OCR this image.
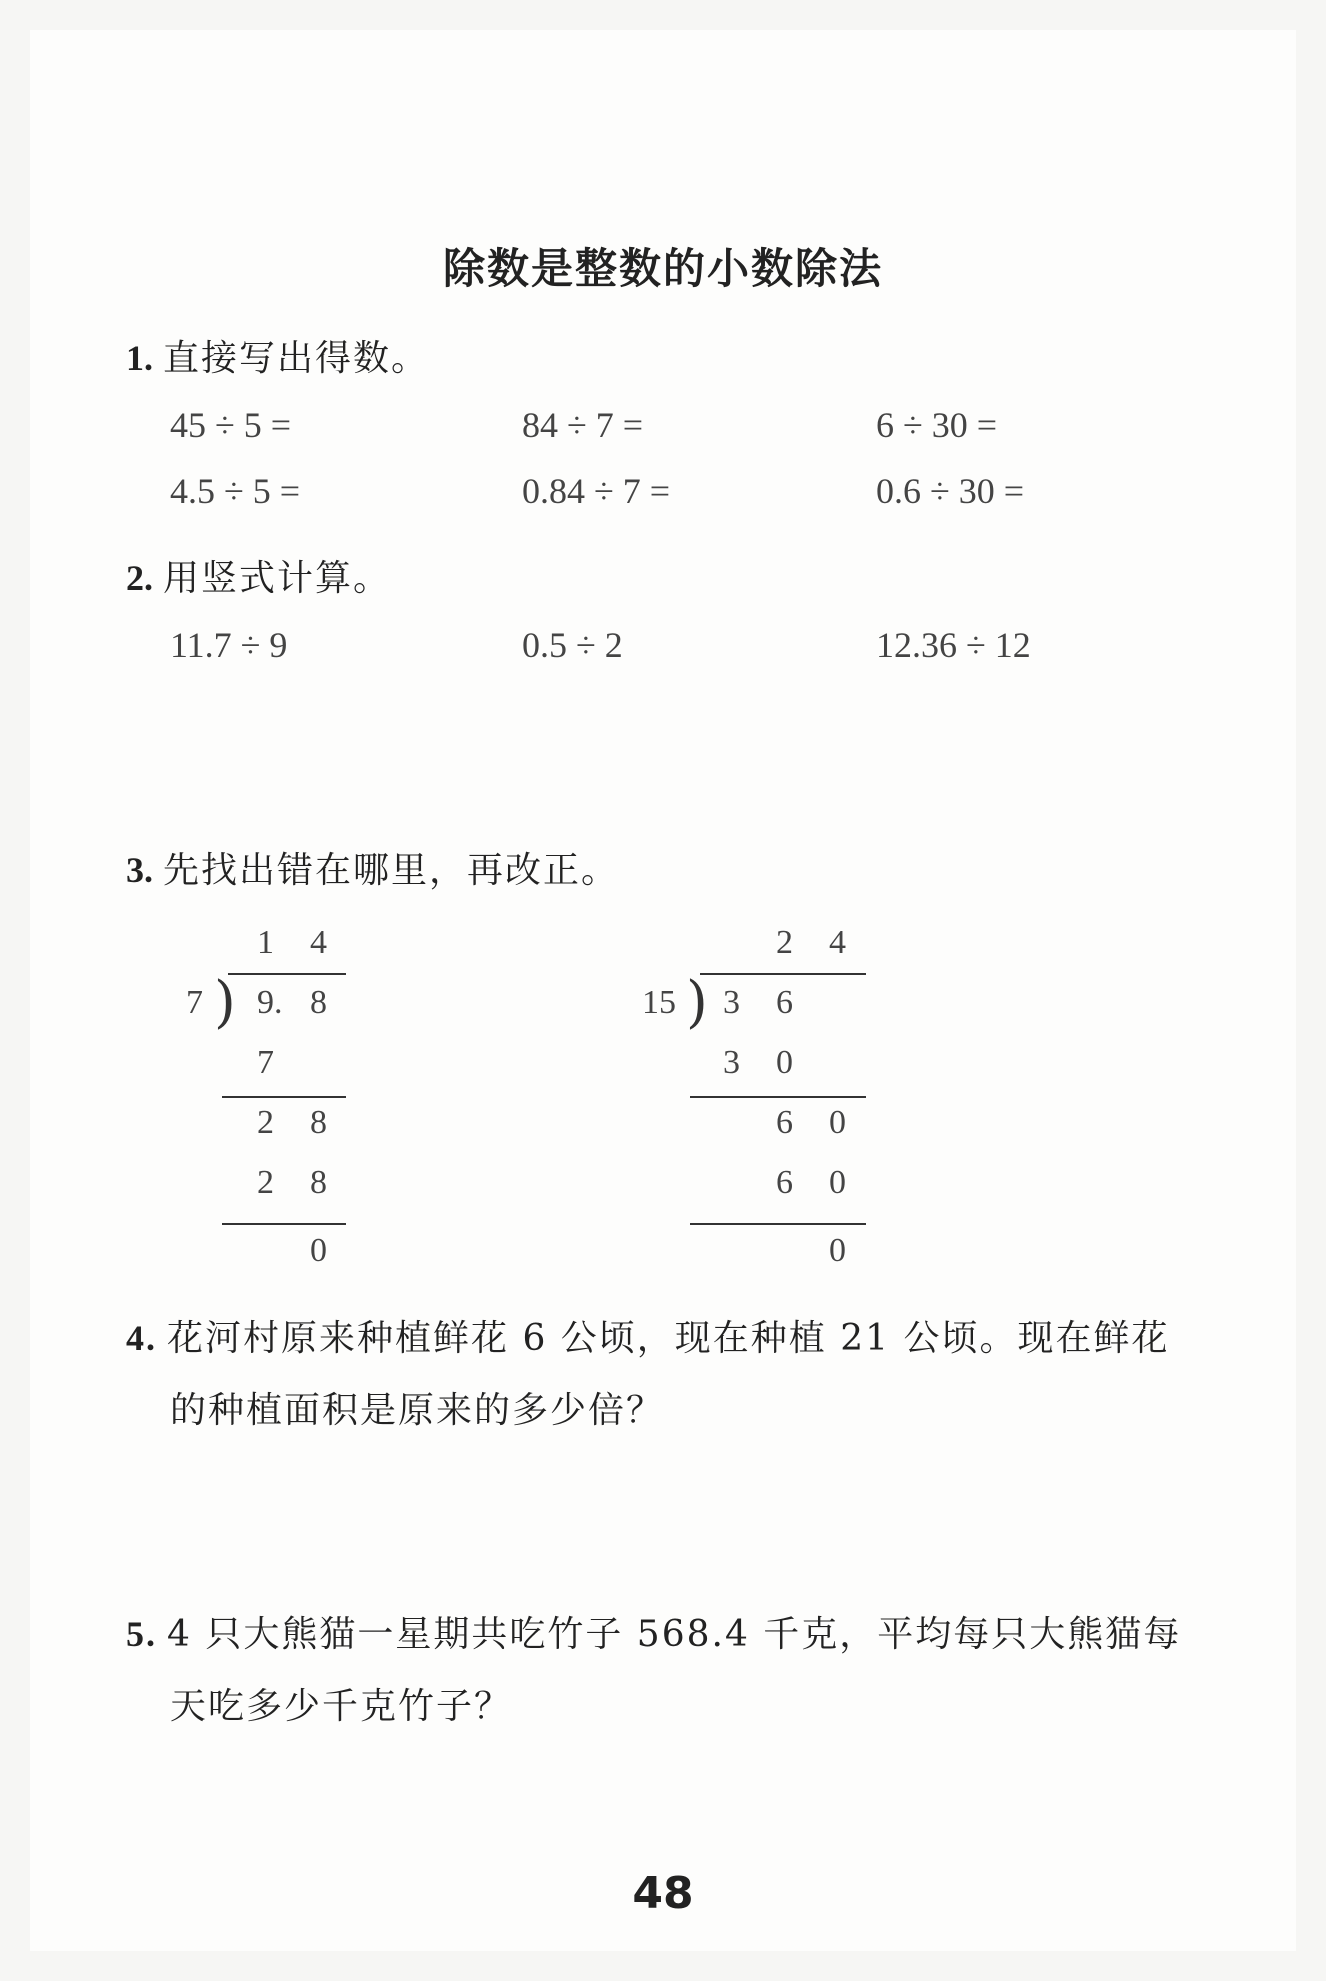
除数是整数的小数除法
1. 直接写出得数。
45 ÷ 5 =	84 ÷ 7 =	6 ÷ 30 =
4.5 ÷ 5 =	0.84 ÷ 7 =	0.6 ÷ 30 =
2. 用竖式计算。
11.7 ÷ 9	0.5 ÷ 2	12.36 ÷ 12
3. 先找出错在哪里，再改正。
1 4
7 ) 9. 8
7
2 8
2 8
0
2 4
15 ) 3 6
3 0
6 0
6 0
0
4. 花河村原来种植鲜花 6 公顷，现在种植 21 公顷。现在鲜花
的种植面积是原来的多少倍？
5. 4 只大熊猫一星期共吃竹子 568.4 千克，平均每只大熊猫每
天吃多少千克竹子？
48
